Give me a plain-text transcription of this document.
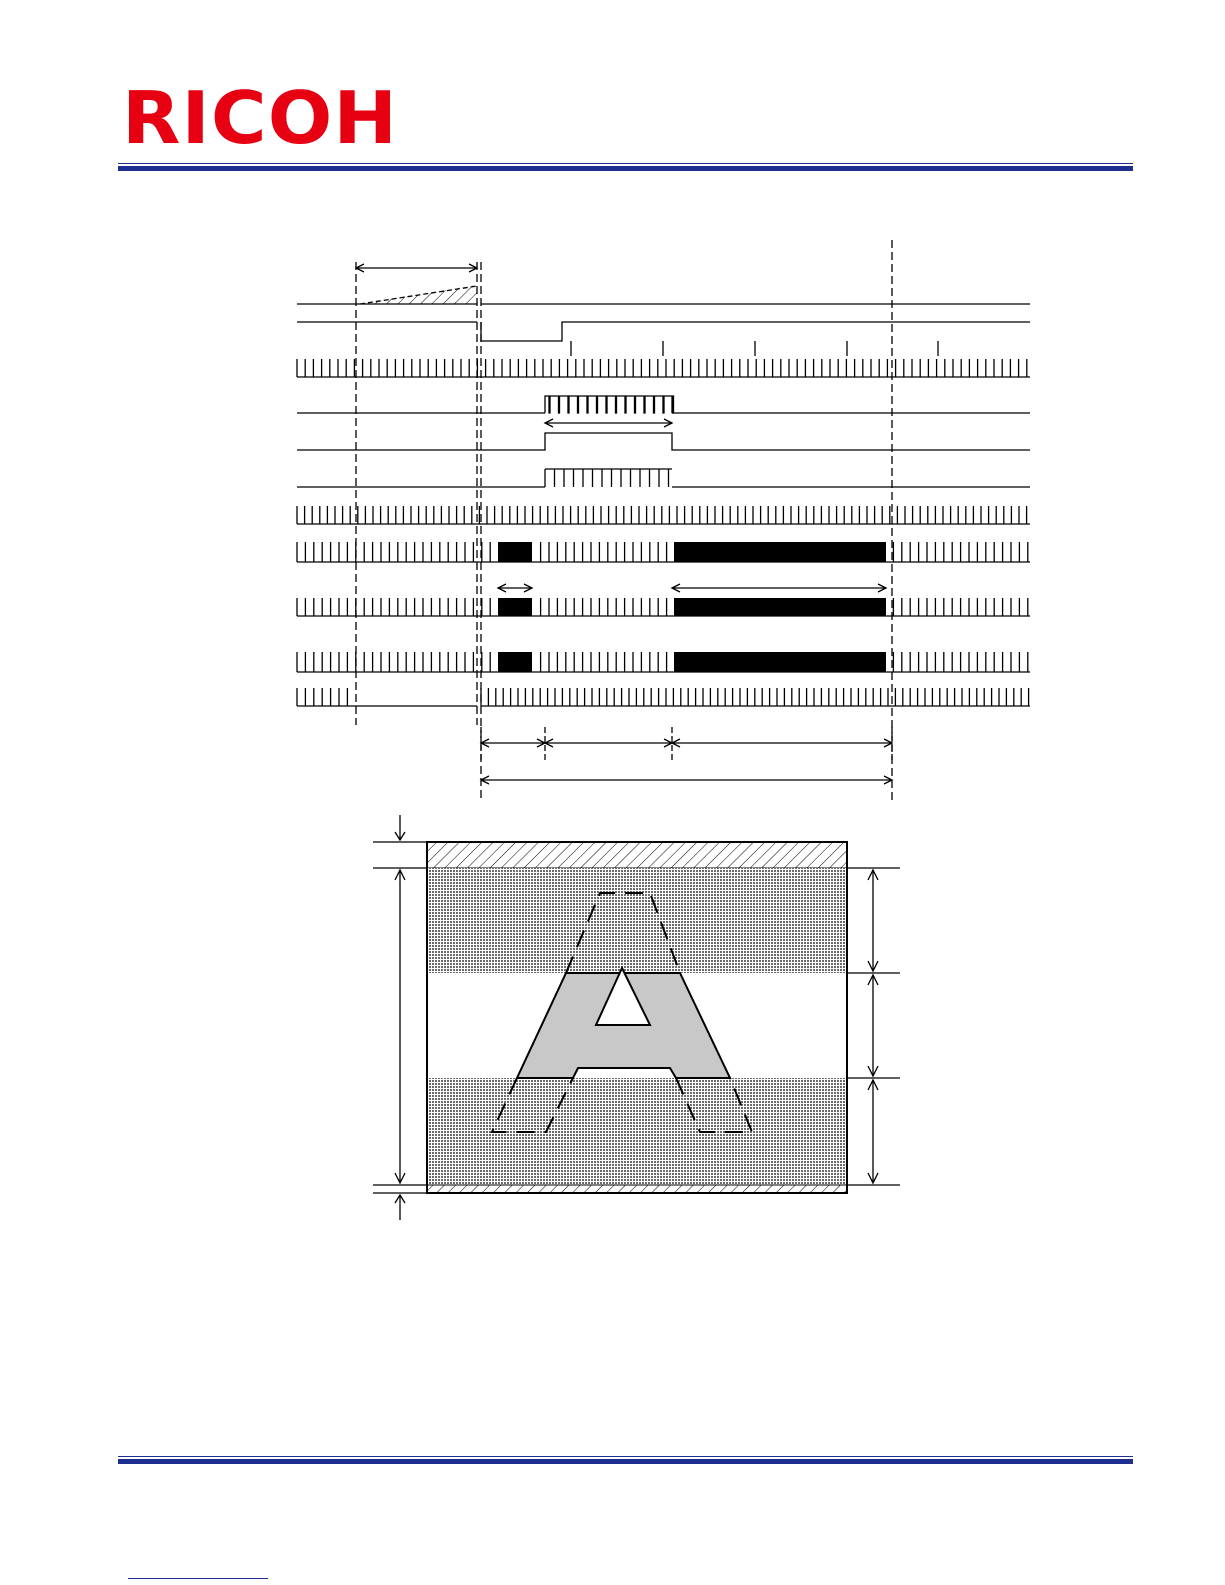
RICOH
